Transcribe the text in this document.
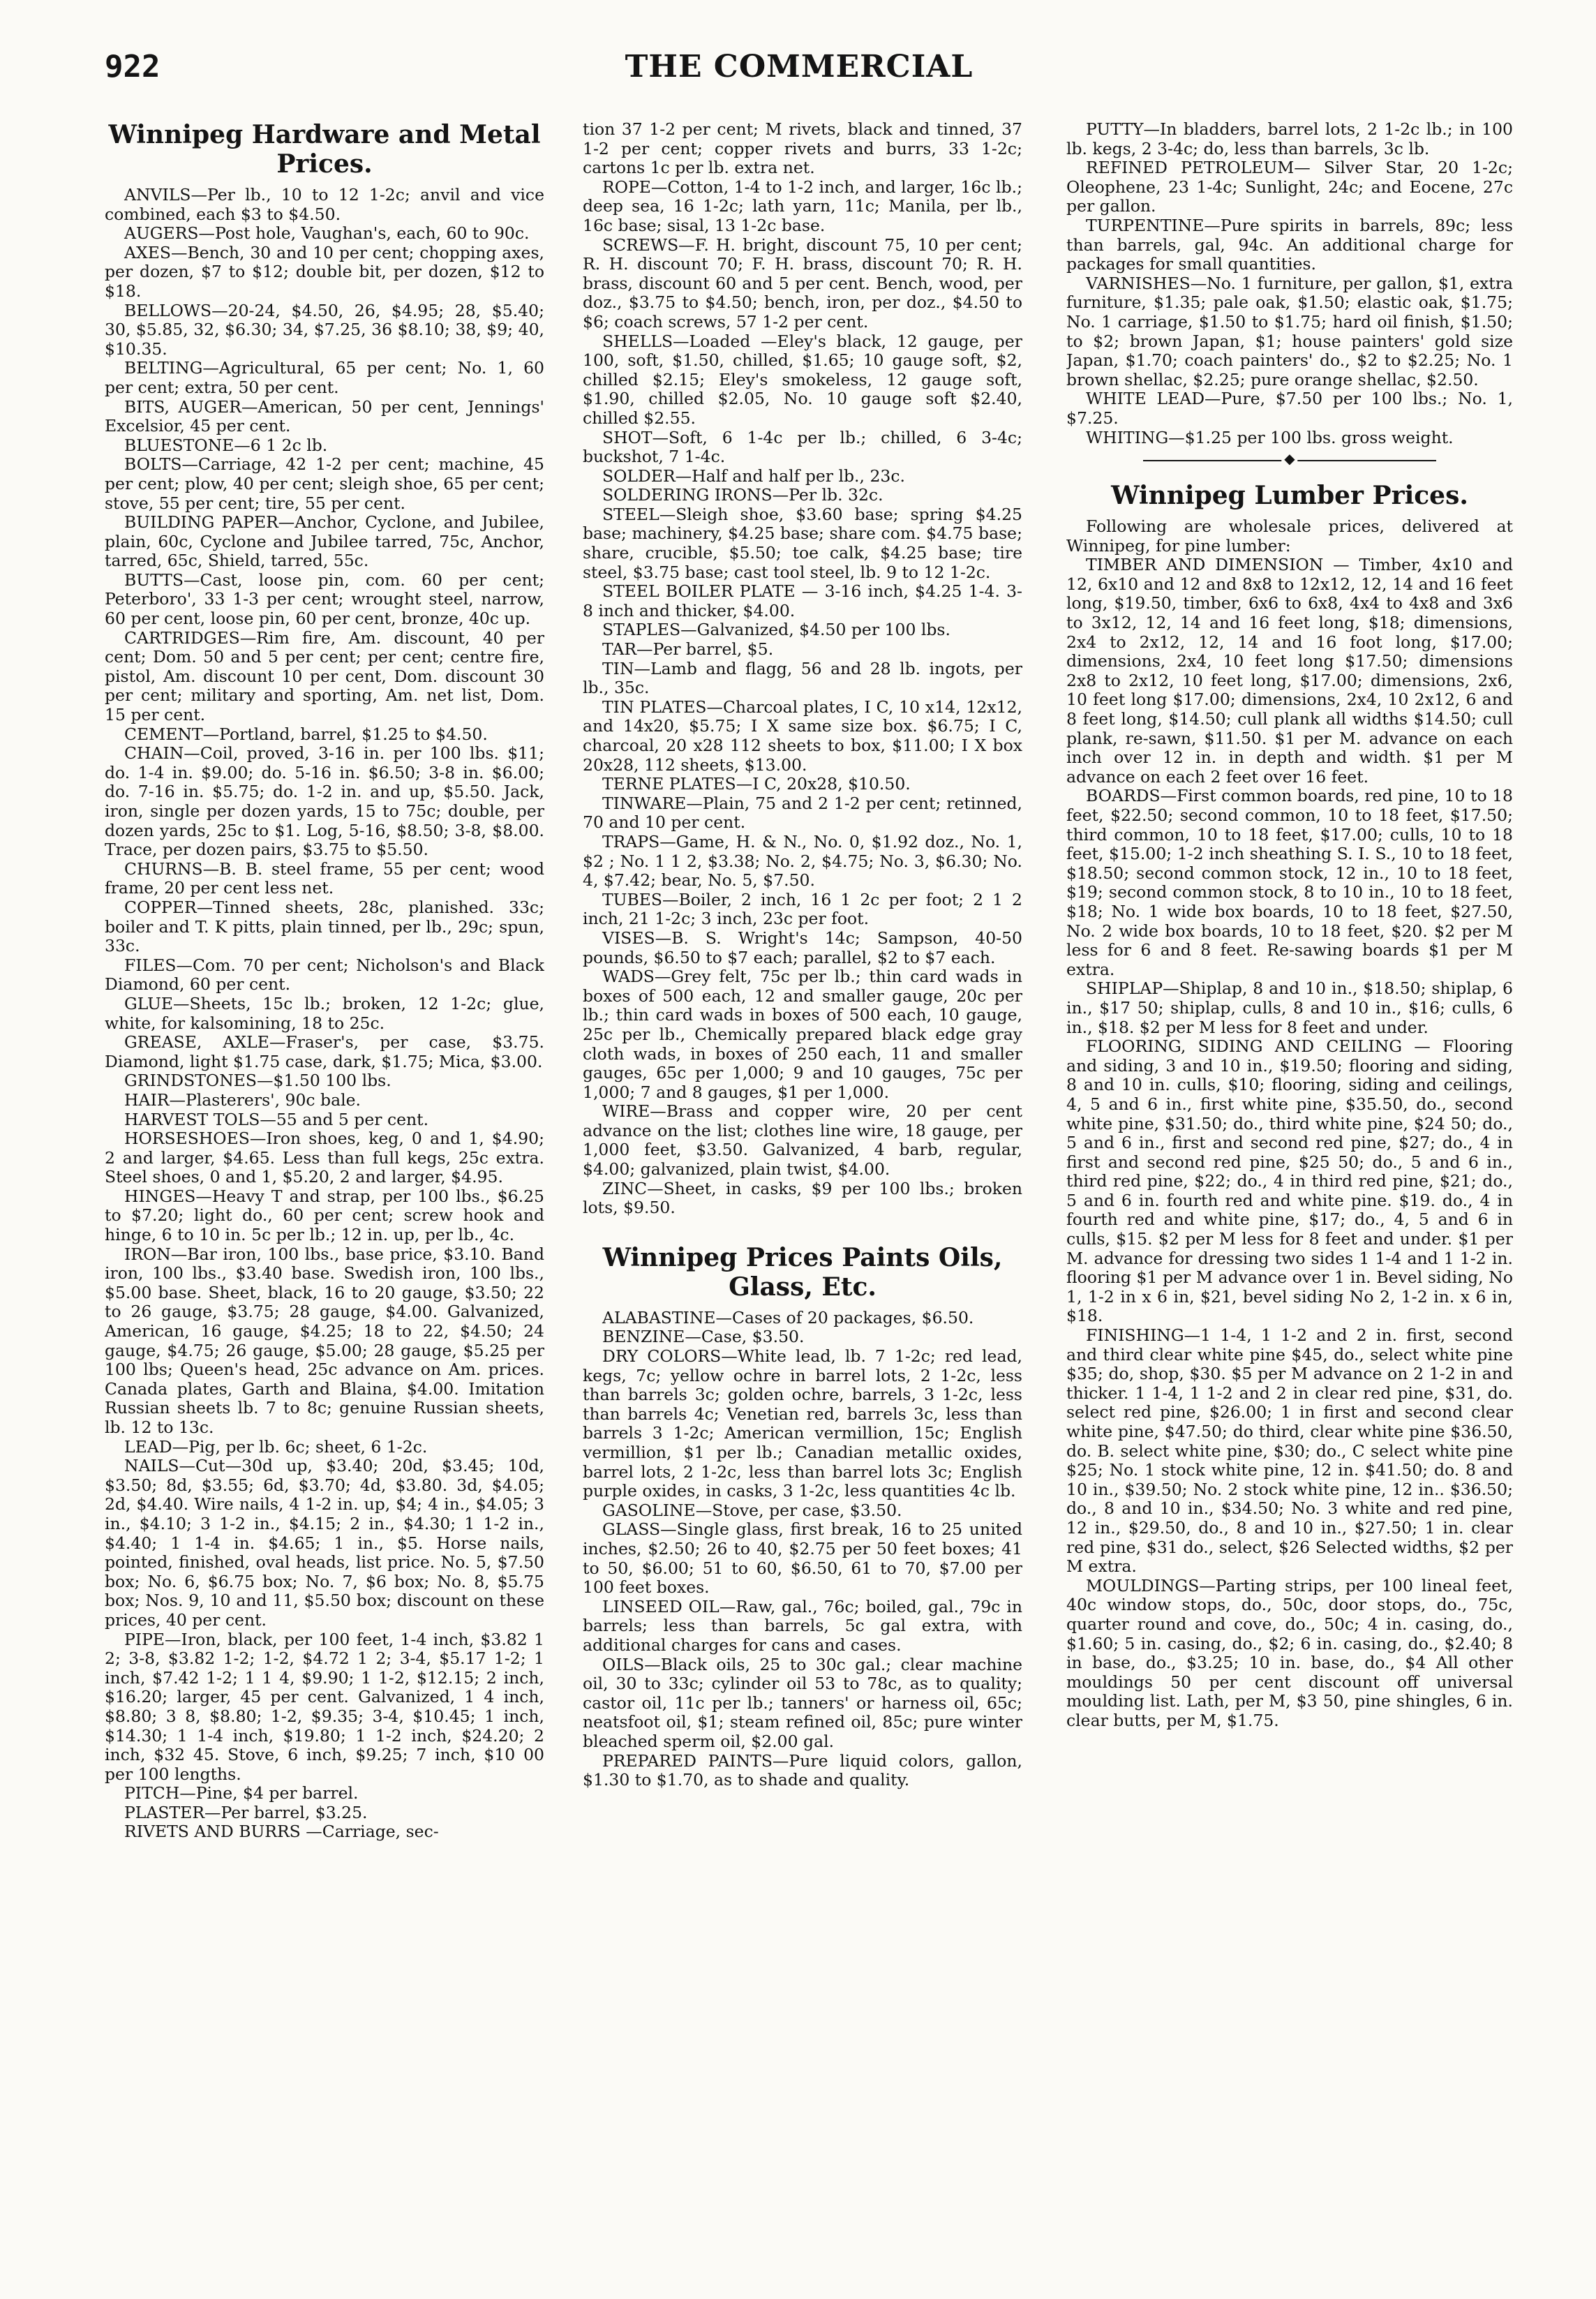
922	THE COMMERCIAL
Winnipeg Hardware and Metal Prices.

ANVILS—Per lb., 10 to 12 1-2c; anvil and vice combined, each $3 to $4.50.

AUGERS—Post hole, Vaughan's, each, 60 to 90c.

AXES—Bench, 30 and 10 per cent; chopping axes, per dozen, $7 to $12; double bit, per dozen, $12 to $18.

BELLOWS—20-24, $4.50, 26, $4.95; 28, $5.40; 30, $5.85, 32, $6.30; 34, $7.25, 36 $8.10; 38, $9; 40, $10.35.

BELTING—Agricultural, 65 per cent; No. 1, 60 per cent; extra, 50 per cent.

BITS, AUGER—American, 50 per cent, Jennings' Excelsior, 45 per cent.

BLUESTONE—6 1 2c lb.

BOLTS—Carriage, 42 1-2 per cent; machine, 45 per cent; plow, 40 per cent; sleigh shoe, 65 per cent; stove, 55 per cent; tire, 55 per cent.

BUILDING PAPER—Anchor, Cyclone, and Jubilee, plain, 60c, Cyclone and Jubilee tarred, 75c, Anchor, tarred, 65c, Shield, tarred, 55c.

BUTTS—Cast, loose pin, com. 60 per cent; Peterboro', 33 1-3 per cent; wrought steel, narrow, 60 per cent, loose pin, 60 per cent, bronze, 40c up.

CARTRIDGES—Rim fire, Am. discount, 40 per cent; Dom. 50 and 5 per cent; per cent; centre fire, pistol, Am. discount 10 per cent, Dom. discount 30 per cent; military and sporting, Am. net list, Dom. 15 per cent.

CEMENT—Portland, barrel, $1.25 to $4.50.

CHAIN—Coil, proved, 3-16 in. per 100 lbs. $11; do. 1-4 in. $9.00; do. 5-16 in. $6.50; 3-8 in. $6.00; do. 7-16 in. $5.75; do. 1-2 in. and up, $5.50. Jack, iron, single per dozen yards, 15 to 75c; double, per dozen yards, 25c to $1. Log, 5-16, $8.50; 3-8, $8.00. Trace, per dozen pairs, $3.75 to $5.50.

CHURNS—B. B. steel frame, 55 per cent; wood frame, 20 per cent less net.

COPPER—Tinned sheets, 28c, planished. 33c; boiler and T. K pitts, plain tinned, per lb., 29c; spun, 33c.

FILES—Com. 70 per cent; Nicholson's and Black Diamond, 60 per cent.

GLUE—Sheets, 15c lb.; broken, 12 1-2c; glue, white, for kalsomining, 18 to 25c.

GREASE, AXLE—Fraser's, per case, $3.75. Diamond, light $1.75 case, dark, $1.75; Mica, $3.00.

GRINDSTONES—$1.50 100 lbs.

HAIR—Plasterers', 90c bale.

HARVEST TOLS—55 and 5 per cent.

HORSESHOES—Iron shoes, keg, 0 and 1, $4.90; 2 and larger, $4.65. Less than full kegs, 25c extra. Steel shoes, 0 and 1, $5.20, 2 and larger, $4.95.

HINGES—Heavy T and strap, per 100 lbs., $6.25 to $7.20; light do., 60 per cent; screw hook and hinge, 6 to 10 in. 5c per lb.; 12 in. up, per lb., 4c.

IRON—Bar iron, 100 lbs., base price, $3.10. Band iron, 100 lbs., $3.40 base. Swedish iron, 100 lbs., $5.00 base. Sheet, black, 16 to 20 gauge, $3.50; 22 to 26 gauge, $3.75; 28 gauge, $4.00. Galvanized, American, 16 gauge, $4.25; 18 to 22, $4.50; 24 gauge, $4.75; 26 gauge, $5.00; 28 gauge, $5.25 per 100 lbs; Queen's head, 25c advance on Am. prices. Canada plates, Garth and Blaina, $4.00. Imitation Russian sheets lb. 7 to 8c; genuine Russian sheets, lb. 12 to 13c.

LEAD—Pig, per lb. 6c; sheet, 6 1-2c.

NAILS—Cut—30d up, $3.40; 20d, $3.45; 10d, $3.50; 8d, $3.55; 6d, $3.70; 4d, $3.80. 3d, $4.05; 2d, $4.40. Wire nails, 4 1-2 in. up, $4; 4 in., $4.05; 3 in., $4.10; 3 1-2 in., $4.15; 2 in., $4.30; 1 1-2 in., $4.40; 1 1-4 in. $4.65; 1 in., $5. Horse nails, pointed, finished, oval heads, list price. No. 5, $7.50 box; No. 6, $6.75 box; No. 7, $6 box; No. 8, $5.75 box; Nos. 9, 10 and 11, $5.50 box; discount on these prices, 40 per cent.

PIPE—Iron, black, per 100 feet, 1-4 inch, $3.82 1 2; 3-8, $3.82 1-2; 1-2, $4.72 1 2; 3-4, $5.17 1-2; 1 inch, $7.42 1-2; 1 1 4, $9.90; 1 1-2, $12.15; 2 inch, $16.20; larger, 45 per cent. Galvanized, 1 4 inch, $8.80; 3 8, $8.80; 1-2, $9.35; 3-4, $10.45; 1 inch, $14.30; 1 1-4 inch, $19.80; 1 1-2 inch, $24.20; 2 inch, $32 45. Stove, 6 inch, $9.25; 7 inch, $10 00 per 100 lengths.

PITCH—Pine, $4 per barrel.

PLASTER—Per barrel, $3.25.

RIVETS AND BURRS —Carriage, sec-

tion 37 1-2 per cent; M rivets, black and tinned, 37 1-2 per cent; copper rivets and burrs, 33 1-2c; cartons 1c per lb. extra net.

ROPE—Cotton, 1-4 to 1-2 inch, and larger, 16c lb.; deep sea, 16 1-2c; lath yarn, 11c; Manila, per lb., 16c base; sisal, 13 1-2c base.

SCREWS—F. H. bright, discount 75, 10 per cent; R. H. discount 70; F. H. brass, discount 70; R. H. brass, discount 60 and 5 per cent. Bench, wood, per doz., $3.75 to $4.50; bench, iron, per doz., $4.50 to $6; coach screws, 57 1-2 per cent.

SHELLS—Loaded —Eley's black, 12 gauge, per 100, soft, $1.50, chilled, $1.65; 10 gauge soft, $2, chilled $2.15; Eley's smokeless, 12 gauge soft, $1.90, chilled $2.05, No. 10 gauge soft $2.40, chilled $2.55.

SHOT—Soft, 6 1-4c per lb.; chilled, 6 3-4c; buckshot, 7 1-4c.

SOLDER—Half and half per lb., 23c.

SOLDERING IRONS—Per lb. 32c.

STEEL—Sleigh shoe, $3.60 base; spring $4.25 base; machinery, $4.25 base; share com. $4.75 base; share, crucible, $5.50; toe calk, $4.25 base; tire steel, $3.75 base; cast tool steel, lb. 9 to 12 1-2c.

STEEL BOILER PLATE — 3-16 inch, $4.25 1-4. 3-8 inch and thicker, $4.00.

STAPLES—Galvanized, $4.50 per 100 lbs.

TAR—Per barrel, $5.

TIN—Lamb and flagg, 56 and 28 lb. ingots, per lb., 35c.

TIN PLATES—Charcoal plates, I C, 10 x14, 12x12, and 14x20, $5.75; I X same size box. $6.75; I C, charcoal, 20 x28 112 sheets to box, $11.00; I X box 20x28, 112 sheets, $13.00.

TERNE PLATES—I C, 20x28, $10.50.

TINWARE—Plain, 75 and 2 1-2 per cent; retinned, 70 and 10 per cent.

TRAPS—Game, H. & N., No. 0, $1.92 doz., No. 1, $2 ; No. 1 1 2, $3.38; No. 2, $4.75; No. 3, $6.30; No. 4, $7.42; bear, No. 5, $7.50.

TUBES—Boiler, 2 inch, 16 1 2c per foot; 2 1 2 inch, 21 1-2c; 3 inch, 23c per foot.

VISES—B. S. Wright's 14c; Sampson, 40-50 pounds, $6.50 to $7 each; parallel, $2 to $7 each.

WADS—Grey felt, 75c per lb.; thin card wads in boxes of 500 each, 12 and smaller gauge, 20c per lb.; thin card wads in boxes of 500 each, 10 gauge, 25c per lb., Chemically prepared black edge gray cloth wads, in boxes of 250 each, 11 and smaller gauges, 65c per 1,000; 9 and 10 gauges, 75c per 1,000; 7 and 8 gauges, $1 per 1,000.

WIRE—Brass and copper wire, 20 per cent advance on the list; clothes line wire, 18 gauge, per 1,000 feet, $3.50. Galvanized, 4 barb, regular, $4.00; galvanized, plain twist, $4.00.

ZINC—Sheet, in casks, $9 per 100 lbs.; broken lots, $9.50.

Winnipeg Prices Paints Oils, Glass, Etc.

ALABASTINE—Cases of 20 packages, $6.50.

BENZINE—Case, $3.50.

DRY COLORS—White lead, lb. 7 1-2c; red lead, kegs, 7c; yellow ochre in barrel lots, 2 1-2c, less than barrels 3c; golden ochre, barrels, 3 1-2c, less than barrels 4c; Venetian red, barrels 3c, less than barrels 3 1-2c; American vermillion, 15c; English vermillion, $1 per lb.; Canadian metallic oxides, barrel lots, 2 1-2c, less than barrel lots 3c; English purple oxides, in casks, 3 1-2c, less quantities 4c lb.

GASOLINE—Stove, per case, $3.50.

GLASS—Single glass, first break, 16 to 25 united inches, $2.50; 26 to 40, $2.75 per 50 feet boxes; 41 to 50, $6.00; 51 to 60, $6.50, 61 to 70, $7.00 per 100 feet boxes.

LINSEED OIL—Raw, gal., 76c; boiled, gal., 79c in barrels; less than barrels, 5c gal extra, with additional charges for cans and cases.

OILS—Black oils, 25 to 30c gal.; clear machine oil, 30 to 33c; cylinder oil 53 to 78c, as to quality; castor oil, 11c per lb.; tanners' or harness oil, 65c; neatsfoot oil, $1; steam refined oil, 85c; pure winter bleached sperm oil, $2.00 gal.

PREPARED PAINTS—Pure liquid colors, gallon, $1.30 to $1.70, as to shade and quality.

PUTTY—In bladders, barrel lots, 2 1-2c lb.; in 100 lb. kegs, 2 3-4c; do, less than barrels, 3c lb.

REFINED PETROLEUM— Silver Star, 20 1-2c; Oleophene, 23 1-4c; Sunlight, 24c; and Eocene, 27c per gallon.

TURPENTINE—Pure spirits in barrels, 89c; less than barrels, gal, 94c. An additional charge for packages for small quantities.

VARNISHES—No. 1 furniture, per gallon, $1, extra furniture, $1.35; pale oak, $1.50; elastic oak, $1.75; No. 1 carriage, $1.50 to $1.75; hard oil finish, $1.50; to $2; brown Japan, $1; house painters' gold size Japan, $1.70; coach painters' do., $2 to $2.25; No. 1 brown shellac, $2.25; pure orange shellac, $2.50.

WHITE LEAD—Pure, $7.50 per 100 lbs.; No. 1, $7.25.

WHITING—$1.25 per 100 lbs. gross weight.

◆
Winnipeg Lumber Prices.

Following are wholesale prices, delivered at Winnipeg, for pine lumber:

TIMBER AND DIMENSION — Timber, 4x10 and 12, 6x10 and 12 and 8x8 to 12x12, 12, 14 and 16 feet long, $19.50, timber, 6x6 to 6x8, 4x4 to 4x8 and 3x6 to 3x12, 12, 14 and 16 feet long, $18; dimensions, 2x4 to 2x12, 12, 14 and 16 foot long, $17.00; dimensions, 2x4, 10 feet long $17.50; dimensions 2x8 to 2x12, 10 feet long, $17.00; dimensions, 2x6, 10 feet long $17.00; dimensions, 2x4, 10 2x12, 6 and 8 feet long, $14.50; cull plank all widths $14.50; cull plank, re-sawn, $11.50. $1 per M. advance on each inch over 12 in. in depth and width. $1 per M advance on each 2 feet over 16 feet.

BOARDS—First common boards, red pine, 10 to 18 feet, $22.50; second common, 10 to 18 feet, $17.50; third common, 10 to 18 feet, $17.00; culls, 10 to 18 feet, $15.00; 1-2 inch sheathing S. I. S., 10 to 18 feet, $18.50; second common stock, 12 in., 10 to 18 feet, $19; second common stock, 8 to 10 in., 10 to 18 feet, $18; No. 1 wide box boards, 10 to 18 feet, $27.50, No. 2 wide box boards, 10 to 18 feet, $20. $2 per M less for 6 and 8 feet. Re-sawing boards $1 per M extra.

SHIPLAP—Shiplap, 8 and 10 in., $18.50; shiplap, 6 in., $17 50; shiplap, culls, 8 and 10 in., $16; culls, 6 in., $18. $2 per M less for 8 feet and under.

FLOORING, SIDING AND CEILING — Flooring and siding, 3 and 10 in., $19.50; flooring and siding, 8 and 10 in. culls, $10; flooring, siding and ceilings, 4, 5 and 6 in., first white pine, $35.50, do., second white pine, $31.50; do., third white pine, $24 50; do., 5 and 6 in., first and second red pine, $27; do., 4 in first and second red pine, $25 50; do., 5 and 6 in., third red pine, $22; do., 4 in third red pine, $21; do., 5 and 6 in. fourth red and white pine. $19. do., 4 in fourth red and white pine, $17; do., 4, 5 and 6 in culls, $15. $2 per M less for 8 feet and under. $1 per M. advance for dressing two sides 1 1-4 and 1 1-2 in. flooring $1 per M advance over 1 in. Bevel siding, No 1, 1-2 in x 6 in, $21, bevel siding No 2, 1-2 in. x 6 in, $18.

FINISHING—1 1-4, 1 1-2 and 2 in. first, second and third clear white pine $45, do., select white pine $35; do, shop, $30. $5 per M advance on 2 1-2 in and thicker. 1 1-4, 1 1-2 and 2 in clear red pine, $31, do. select red pine, $26.00; 1 in first and second clear white pine, $47.50; do third, clear white pine $36.50, do. B. select white pine, $30; do., C select white pine $25; No. 1 stock white pine, 12 in. $41.50; do. 8 and 10 in., $39.50; No. 2 stock white pine, 12 in.. $36.50; do., 8 and 10 in., $34.50; No. 3 white and red pine, 12 in., $29.50, do., 8 and 10 in., $27.50; 1 in. clear red pine, $31 do., select, $26 Selected widths, $2 per M extra.

MOULDINGS—Parting strips, per 100 lineal feet, 40c window stops, do., 50c, door stops, do., 75c, quarter round and cove, do., 50c; 4 in. casing, do., $1.60; 5 in. casing, do., $2; 6 in. casing, do., $2.40; 8 in base, do., $3.25; 10 in. base, do., $4 All other mouldings 50 per cent discount off universal moulding list. Lath, per M, $3 50, pine shingles, 6 in. clear butts, per M, $1.75.
